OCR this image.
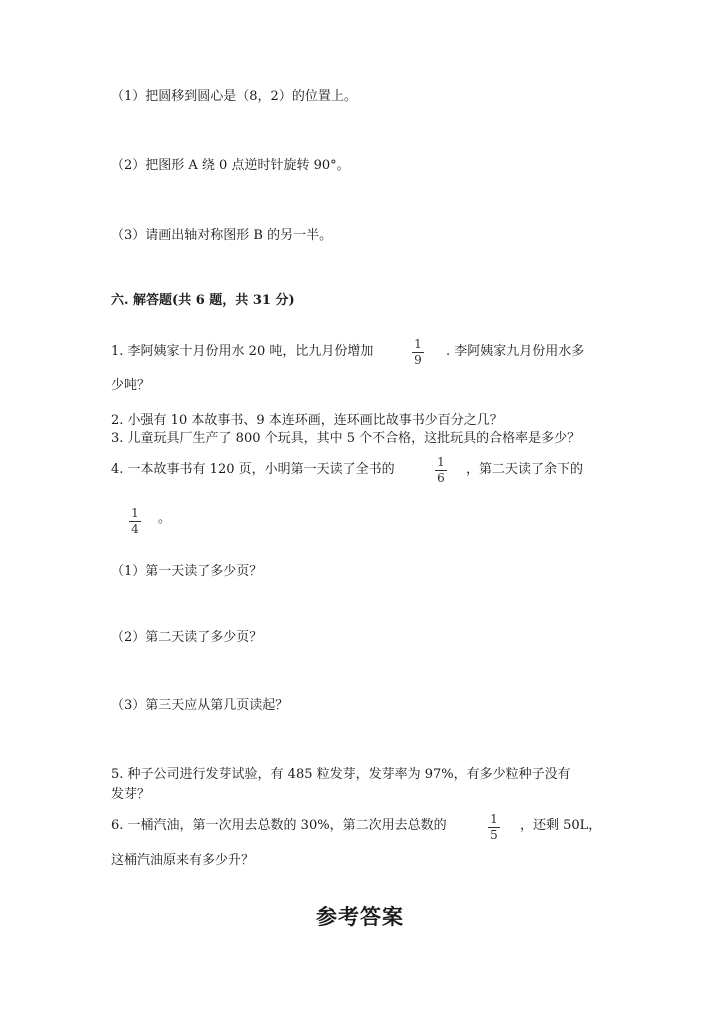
（1）把圆移到圆心是（8，2）的位置上。
（2）把图形 A 绕 0 点逆时针旋转 90°。
（3）请画出轴对称图形 B 的另一半。
六. 解答题(共 6 题，共 31 分)
1. 李阿姨家十月份用水 20 吨，比九月份增加	1
9
. 李阿姨家九月份用水多
少吨？
2. 小强有 10 本故事书、9 本连环画，连环画比故事书少百分之几？
3. 儿童玩具厂生产了 800 个玩具，其中 5 个不合格，这批玩具的合格率是多少？
4. 一本故事书有 120 页，小明第一天读了全书的	1
6
，第二天读了余下的
1
4
。
（1）第一天读了多少页？
（2）第二天读了多少页？
（3）第三天应从第几页读起？
5. 种子公司进行发芽试验，有 485 粒发芽，发芽率为 97%，有多少粒种子没有
发芽？
6. 一桶汽油，第一次用去总数的 30%，第二次用去总数的	1
5
，还剩 50L，
这桶汽油原来有多少升？
参考答案
